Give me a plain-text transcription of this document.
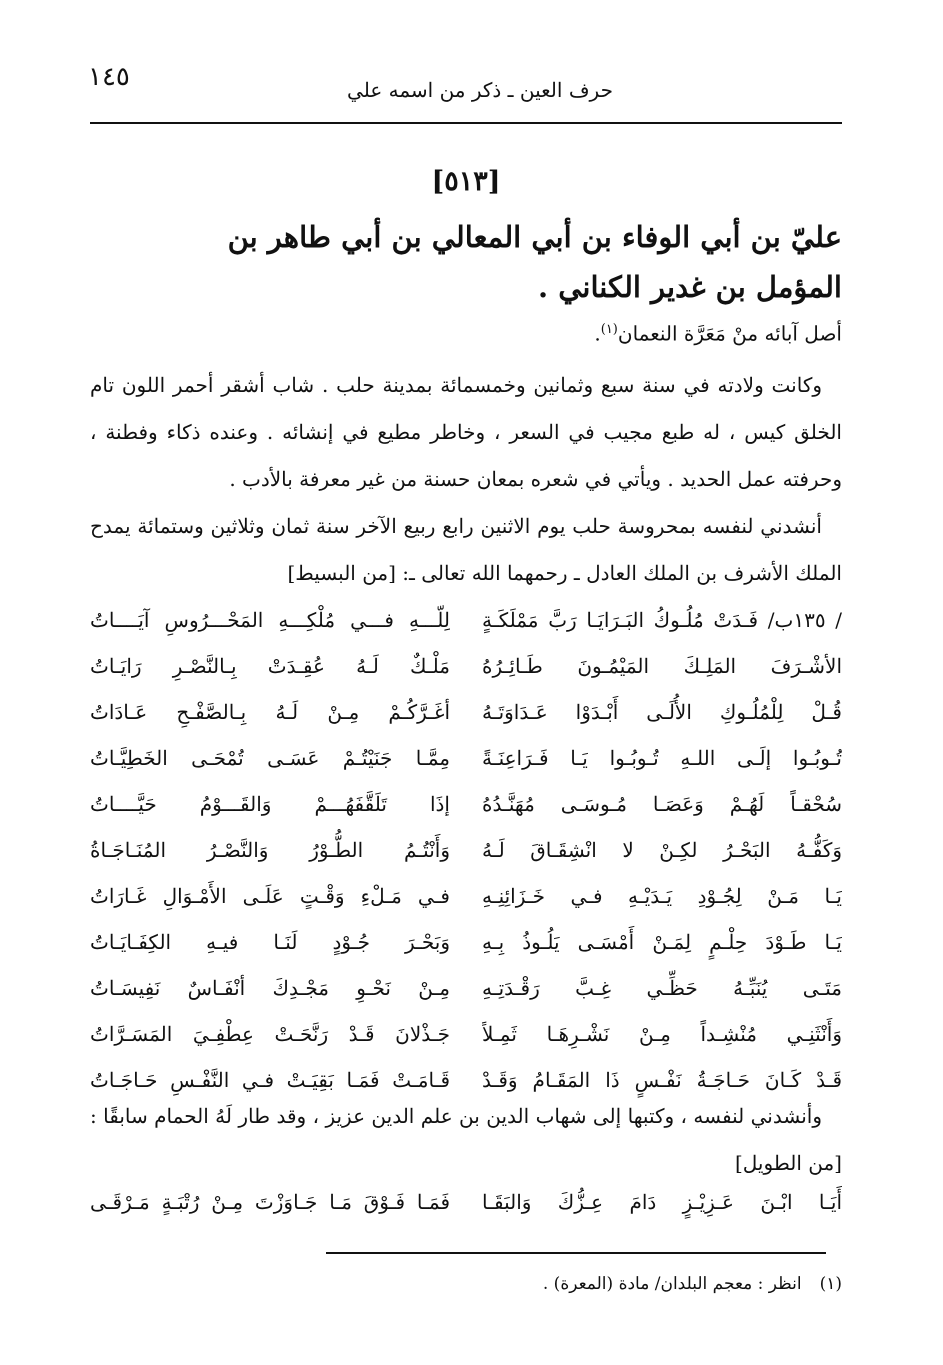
١٤٥	حرف العين ـ ذكر من اسمه علي
[٥١٣]
عليّ بن أبي الوفاء بن أبي المعالي بن أبي طاهر بن المؤمل بن غدير الكناني .
أصل آبائه منْ مَعَرَّة النعمان$^{(١)}$.
وكانت ولادته في سنة سبع وثمانين وخمسمائة بمدينة حلب . شاب أشقر أحمر اللون تام الخلق كيس ، له طبع مجيب في السعر ، وخاطر مطيع في إنشائه . وعنده ذكاء وفطنة ، وحرفته عمل الحديد . ويأتي في شعره بمعان حسنة من غير معرفة بالأدب .
أنشدني لنفسه بمحروسة حلب يوم الاثنين رابع ربيع الآخر سنة ثمان وثلاثين وستمائة يمدح الملك الأشرف بن الملك العادل ـ رحمهما الله تعالى ـ: [من البسيط]
/ ١٣٥ب/ فَـدَتْ مُلُـوكُ البَـرَايَـا رَبَّ مَمْلَكَـةٍ
لِلّـــهِ فـــي مُلْكِـــهِ المَحْـــرُوسِ آيَــــاتُ
الأشْـرَفَ المَلِـكَ المَيْمُـونَ طَـائِـرُهُ
مَلْـكٌ لَـهُ عُقِـدَتْ بِـالنَّصْـرِ رَايَـاتُ
قُـلْ لِلْمُلُـوكِ الأُلَـى أَبْـدَوْا عَـدَاوَتَـهُ
أغَـرَّكُـمْ مِـنْ لَـهُ بِـالصَّفْـحِ عَـادَاتُ
تُـوبُـوا إلَـى اللـهِ تُـوبُـوا يَـا فَـرَاعِنَـةً
مِمَّـا جَنَيْتُـمْ عَسَـى تُمْحَـى الخَطِيَّـاتُ
سُحْقـاً لَهُـمْ وَعَصَـا مُـوسَـى مُهَنَّـدُهُ
إذَا تَلَقَّفَهُـــمْ وَالقَـــوْمُ حَيَّــــاتُ
وَكَفُّـهُ البَحْـرُ لكِـنْ لا انْشِقَـاقَ لَـهُ
وَأَنْتُـمُ الطُّـوْرُ وَالنَّصْـرُ المُنَـاجَـاةُ
يَـا مَـنْ لِجُـوْدِ يَـدَيْـهِ فـي خَـزَائِنِـهِ
فـي مَـلْءِ وَقْـتٍ عَلَـى الأَمْـوَالِ غَـارَاتُ
يَـا طَـوْدَ حِلْـمٍ لِمَـنْ أَمْسَـى يَلُـوذُ بِـهِ
وَبَحْـرَ جُـوْدٍ لَنَـا فيـهِ الكِفَـايَـاتُ
مَتَـى يُنَبِّـهُ حَظِّـي غِـبَّ رَقْـدَتِـهِ
مِـنْ نَحْـوِ مَجْـدِكَ أنْفَـاسٌ نَفِيسَـاتُ
وَأَنْثَنِـي مُنْشِـداً مِـنْ نَشْـرِهَـا ثَمِـلاً
جَـذْلانَ قَـدْ رَنَّحَـتْ عِطْفِـيَ المَسَـرَّاتُ
قَـدْ كَـانَ حَـاجَـةُ نَفْـسٍ ذَا المَقَـامُ وَقَـدْ
قَـامَـتْ فَمَـا بَقِيَـتْ فـي النَّفْـسِ حَـاجَـاتُ
وأنشدني لنفسه ، وكتبها إلى شهاب الدين بن علم الدين عزيز ، وقد طار لَهُ الحمام سابقًا : [من الطويل]
أَيَـا ابْـنَ عَـزِيْـزٍ دَامَ عِـزُّكَ وَالبَقَـا
فَمَـا فَـوْقَ مَـا جَـاوَزْتَ مِـنْ رُتْبَـةٍ مَـرْقَـى
(١)انظر : معجم البلدان/ مادة (المعرة) .
